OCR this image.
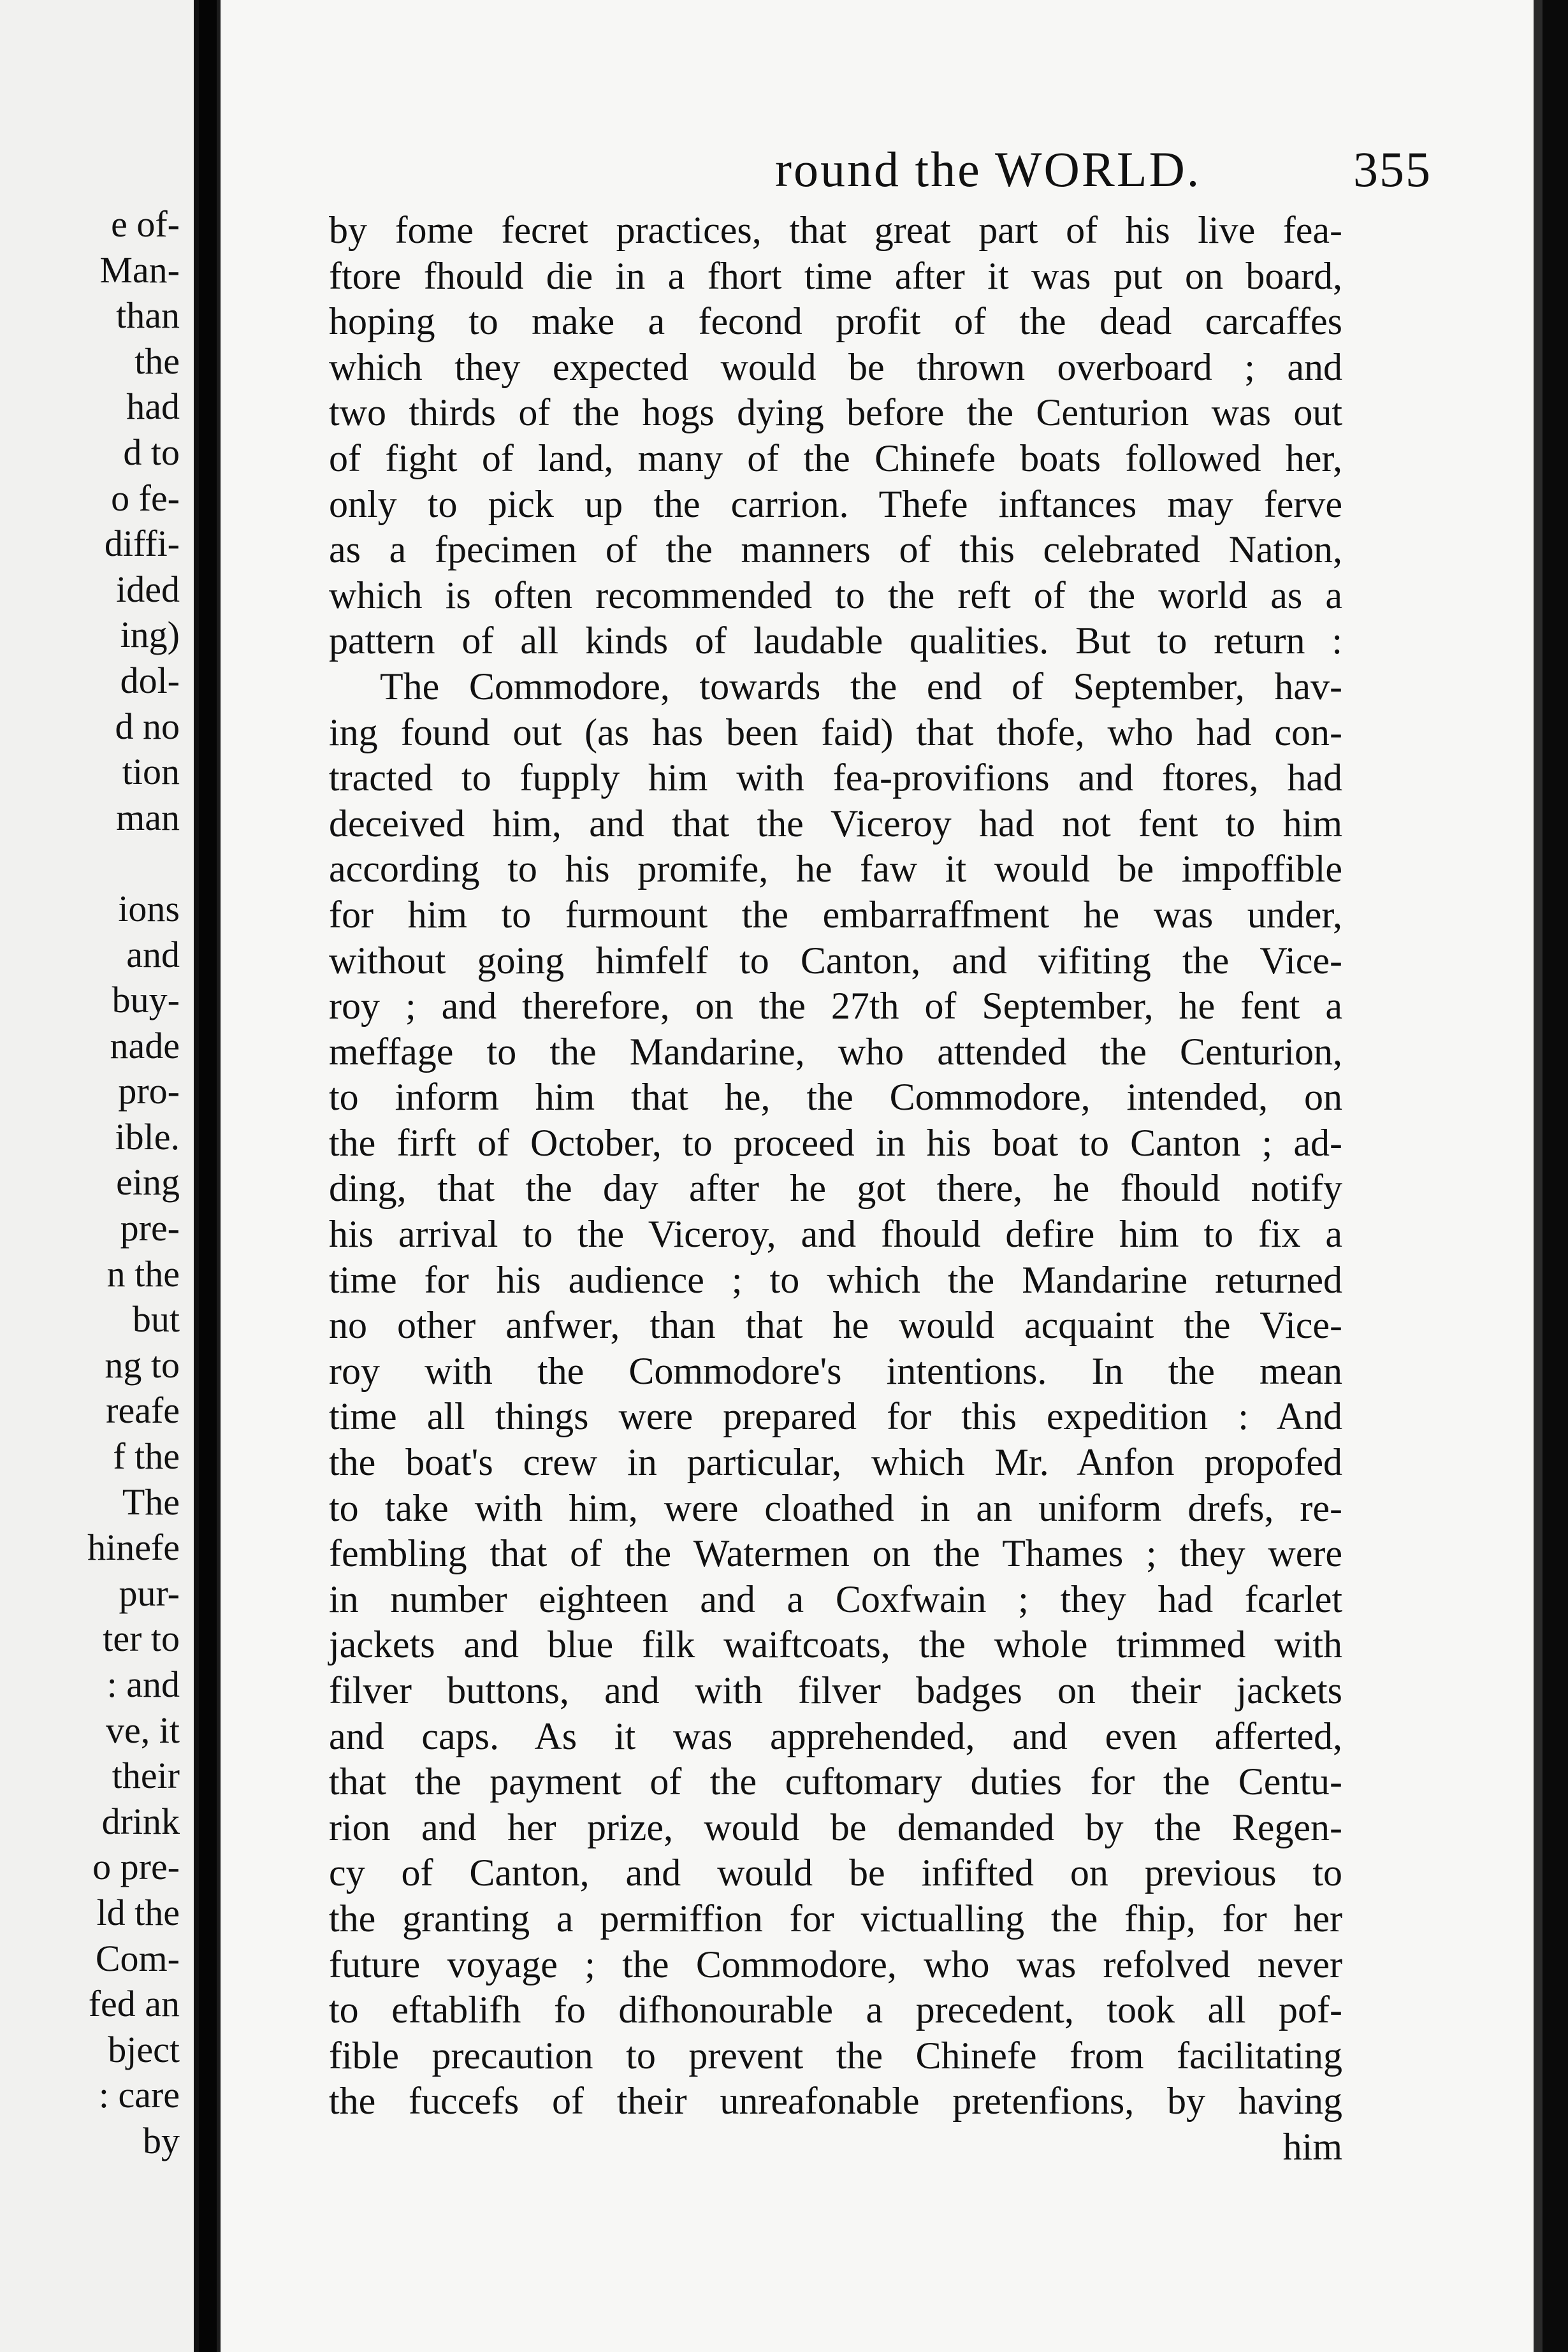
e of-
Man-
than
the
had
d to
o fe-
diffi-
ided
ing)
dol-
d no
tion
man
ions
and
buy-
nade
pro-
ible.
eing
pre-
n the
but
ng to
reafe
f the
The
hinefe
pur-
ter to
: and
ve, it
their
drink
o pre-
ld the
Com-
fed an
bject
: care
by
round the WORLD.	355
by fome fecret practices, that great part of his live fea-
ftore fhould die in a fhort time after it was put on board,
hoping to make a fecond profit of the dead carcaffes
which they expected would be thrown overboard ; and
two thirds of the hogs dying before the Centurion was out
of fight of land, many of the Chinefe boats followed her,
only to pick up the carrion. Thefe inftances may ferve
as a fpecimen of the manners of this celebrated Nation,
which is often recommended to the reft of the world as a
pattern of all kinds of laudable qualities. But to return :
The Commodore, towards the end of September, hav-
ing found out (as has been faid) that thofe, who had con-
tracted to fupply him with fea-provifions and ftores, had
deceived him, and that the Viceroy had not fent to him
according to his promife, he faw it would be impoffible
for him to furmount the embarraffment he was under,
without going himfelf to Canton, and vifiting the Vice-
roy ; and therefore, on the 27th of September, he fent a
meffage to the Mandarine, who attended the Centurion,
to inform him that he, the Commodore, intended, on
the firft of October, to proceed in his boat to Canton ; ad-
ding, that the day after he got there, he fhould notify
his arrival to the Viceroy, and fhould defire him to fix a
time for his audience ; to which the Mandarine returned
no other anfwer, than that he would acquaint the Vice-
roy with the Commodore's intentions. In the mean
time all things were prepared for this expedition : And
the boat's crew in particular, which Mr. Anfon propofed
to take with him, were cloathed in an uniform drefs, re-
fembling that of the Watermen on the Thames ; they were
in number eighteen and a Coxfwain ; they had fcarlet
jackets and blue filk waiftcoats, the whole trimmed with
filver buttons, and with filver badges on their jackets
and caps. As it was apprehended, and even afferted,
that the payment of the cuftomary duties for the Centu-
rion and her prize, would be demanded by the Regen-
cy of Canton, and would be infifted on previous to
the granting a permiffion for victualling the fhip, for her
future voyage ; the Commodore, who was refolved never
to eftablifh fo difhonourable a precedent, took all pof-
fible precaution to prevent the Chinefe from facilitating
the fuccefs of their unreafonable pretenfions, by having
him
